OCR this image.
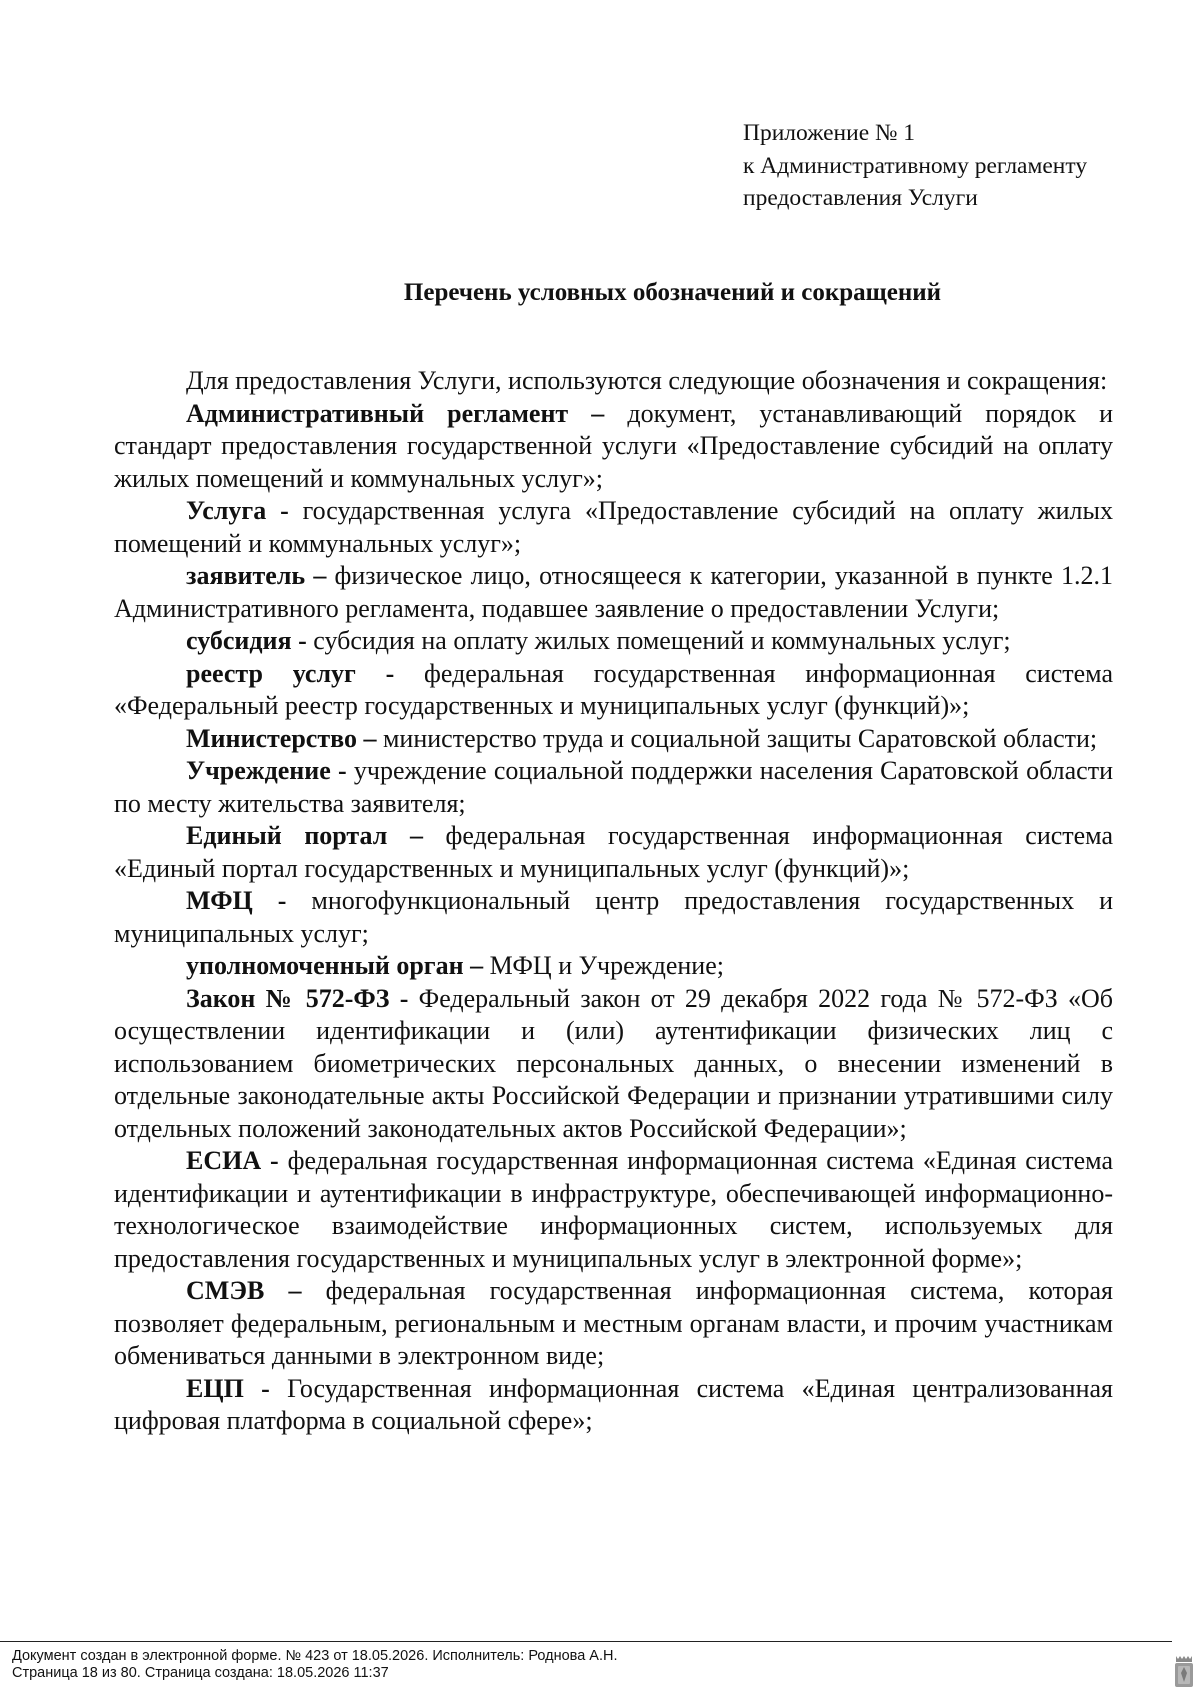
Приложение № 1
к Административному регламенту
предоставления Услуги
Перечень условных обозначений и сокращений

Для предоставления Услуги, используются следующие обозначения и сокращения:

Административный регламент – документ, устанавливающий порядок и стандарт предоставления государственной услуги «Предоставление субсидий на оплату жилых помещений и коммунальных услуг»;

Услуга - государственная услуга «Предоставление субсидий на оплату жилых помещений и коммунальных услуг»;

заявитель – физическое лицо, относящееся к категории, указанной в пункте 1.2.1 Административного регламента, подавшее заявление о предоставлении Услуги;

субсидия - субсидия на оплату жилых помещений и коммунальных услуг;

реестр услуг - федеральная государственная информационная система «Федеральный реестр государственных и муниципальных услуг (функций)»;

Министерство – министерство труда и социальной защиты Саратовской области;

Учреждение - учреждение социальной поддержки населения Саратовской области по месту жительства заявителя;

Единый портал – федеральная государственная информационная система «Единый портал государственных и муниципальных услуг (функций)»;

МФЦ - многофункциональный центр предоставления государственных и муниципальных услуг;

уполномоченный орган – МФЦ и Учреждение;

Закон № 572-ФЗ - Федеральный закон от 29 декабря 2022 года № 572-ФЗ «Об осуществлении идентификации и (или) аутентификации физических лиц с использованием биометрических персональных данных, о внесении изменений в отдельные законодательные акты Российской Федерации и признании утратившими силу отдельных положений законодательных актов Российской Федерации»;

ЕСИА - федеральная государственная информационная система «Единая система идентификации и аутентификации в инфраструктуре, обеспечивающей информационно-технологическое взаимодействие информационных систем, используемых для предоставления государственных и муниципальных услуг в электронной форме»;

СМЭВ – федеральная государственная информационная система, которая позволяет федеральным, региональным и местным органам власти, и прочим участникам обмениваться данными в электронном виде;

ЕЦП - Государственная информационная система «Единая централизованная цифровая платформа в социальной сфере»;

Документ создан в электронной форме. № 423 от 18.05.2026. Исполнитель: Роднова А.Н.
Страница 18 из 80. Страница создана: 18.05.2026 11:37
